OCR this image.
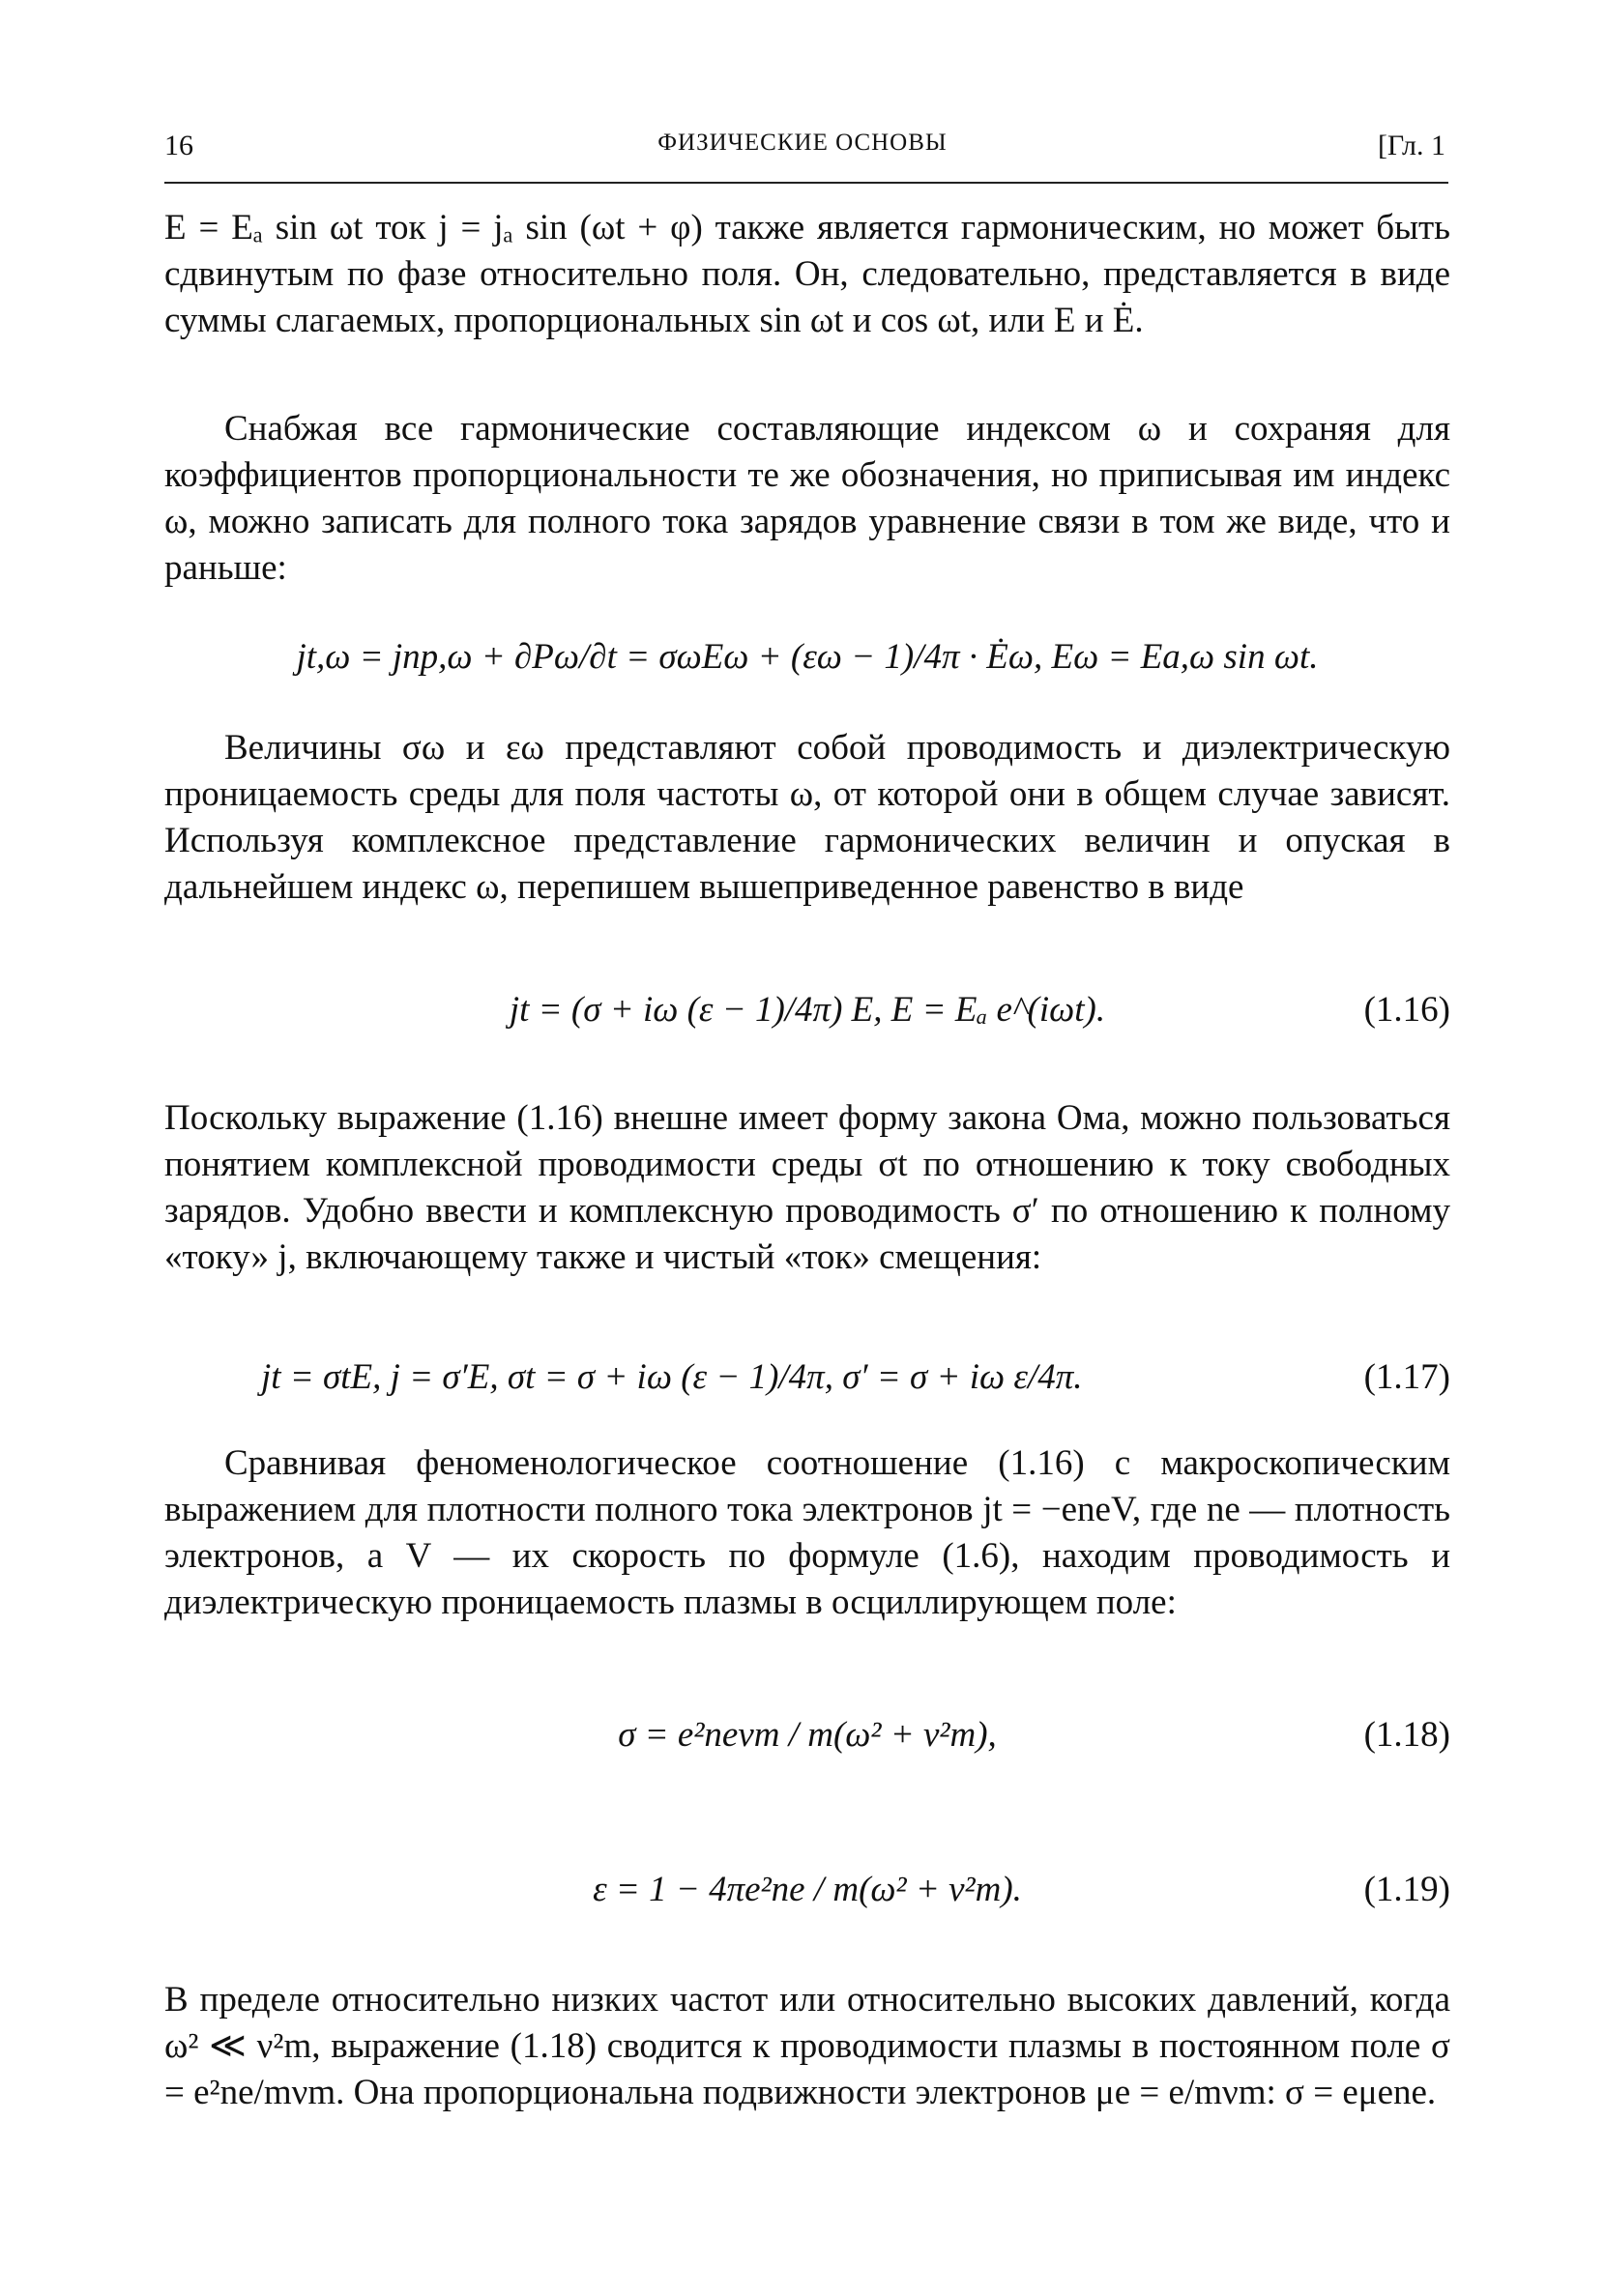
16	ФИЗИЧЕСКИЕ ОСНОВЫ	[Гл. 1

E = Eₐ sin ωt ток j = jₐ sin (ωt + φ) также является гармоническим, но может быть сдвинутым по фазе относительно поля. Он, следовательно, представляется в виде суммы слагаемых, пропорциональных sin ωt и cos ωt, или E и Ė.

Снабжая все гармонические составляющие индексом ω и сохраняя для коэффициентов пропорциональности те же обозначения, но приписывая им индекс ω, можно записать для полного тока зарядов уравнение связи в том же виде, что и раньше:

jt,ω = jпр,ω + ∂Pω/∂t = σωEω + (εω − 1)/4π · Ėω, Eω = Ea,ω sin ωt.

Величины σω и εω представляют собой проводимость и диэлектрическую проницаемость среды для поля частоты ω, от которой они в общем случае зависят. Используя комплексное представление гармонических величин и опуская в дальнейшем индекс ω, перепишем вышеприведенное равенство в виде

jt = (σ + iω (ε − 1)/4π) E, E = Eₐ e^(iωt).	(1.16)

Поскольку выражение (1.16) внешне имеет форму закона Ома, можно пользоваться понятием комплексной проводимости среды σt по отношению к току свободных зарядов. Удобно ввести и комплексную проводимость σ′ по отношению к полному «току» j, включающему также и чистый «ток» смещения:

jt = σtE, j = σ′E, σt = σ + iω (ε − 1)/4π, σ′ = σ + iω ε/4π.	(1.17)

Сравнивая феноменологическое соотношение (1.16) с макроскопическим выражением для плотности полного тока электронов jt = −eneV, где ne — плотность электронов, а V — их скорость по формуле (1.6), находим проводимость и диэлектрическую проницаемость плазмы в осциллирующем поле:

σ = e²neνm / m(ω² + ν²m),	(1.18)
ε = 1 − 4πe²ne / m(ω² + ν²m).	(1.19)

В пределе относительно низких частот или относительно высоких давлений, когда ω² ≪ ν²m, выражение (1.18) сводится к проводимости плазмы в постоянном поле σ = e²ne/mνm. Она пропорциональна подвижности электронов μe = e/mνm: σ = eμene.
